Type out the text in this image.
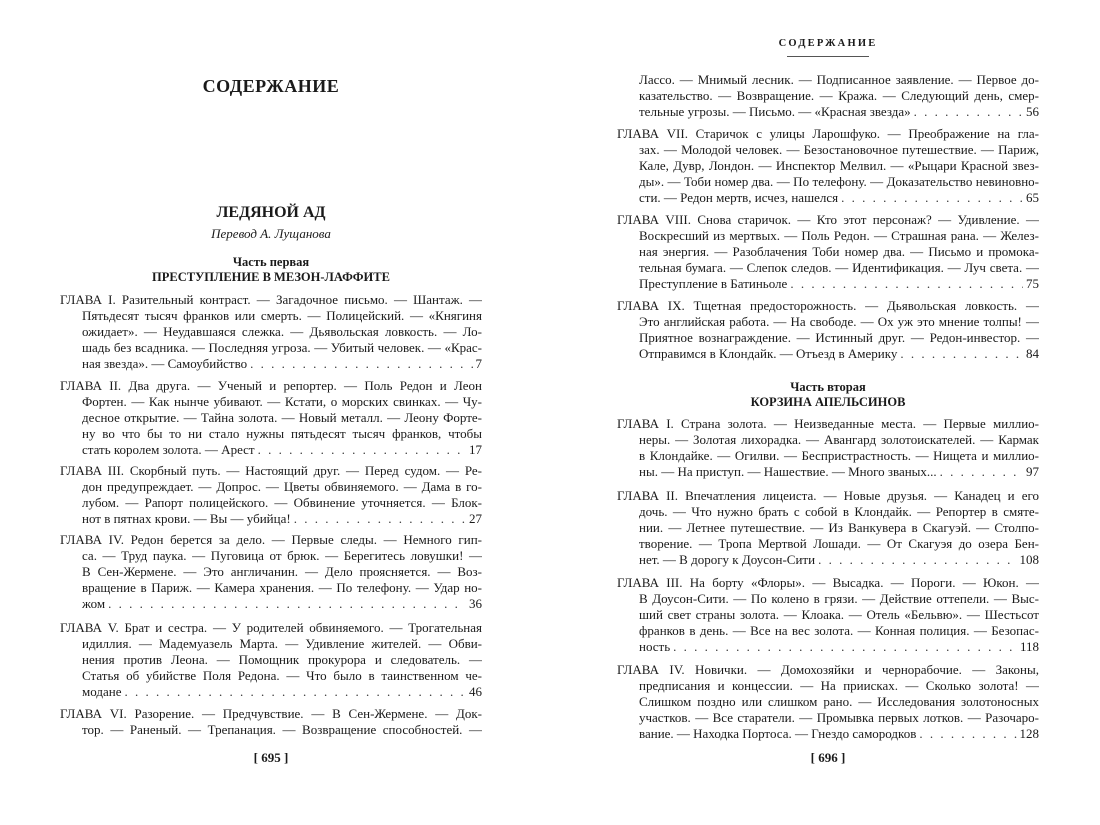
СОДЕРЖАНИЕ
ЛЕДЯНОЙ АД
Перевод А. Лущанова
Часть первая
ПРЕСТУПЛЕНИЕ В МЕЗОН-ЛАФФИТЕ
ГЛАВА I. Разительный контраст. — Загадочное письмо. — Шантаж. —
Пятьдесят тысяч франков или смерть. — Полицейский. — «Княгиня
ожидает». — Неудавшаяся слежка. — Дьявольская ловкость. — Ло-
шадь без всадника. — Последняя угроза. — Убитый человек. — «Крас-
ная звезда». — Самоубийство . . .	7
ГЛАВА II. Два друга. — Ученый и репортер. — Поль Редон и Леон
Фортен. — Как нынче убивают. — Кстати, о морских свинках. — Чу-
десное открытие. — Тайна золота. — Новый металл. — Леону Форте-
ну во что бы то ни стало нужны пятьдесят тысяч франков, чтобы
стать королем золота. — Арест . . .	17
ГЛАВА III. Скорбный путь. — Настоящий друг. — Перед судом. — Ре-
дон предупреждает. — Допрос. — Цветы обвиняемого. — Дама в го-
лубом. — Рапорт полицейского. — Обвинение уточняется. — Блок-
нот в пятнах крови. — Вы — убийца! . . .	27
ГЛАВА IV. Редон берется за дело. — Первые следы. — Немного гип-
са. — Труд паука. — Пуговица от брюк. — Берегитесь ловушки! —
В Сен-Жермене. — Это англичанин. — Дело проясняется. — Воз-
вращение в Париж. — Камера хранения. — По телефону. — Удар но-
жом . . .	36
ГЛАВА V. Брат и сестра. — У родителей обвиняемого. — Трогательная
идиллия. — Мадемуазель Марта. — Удивление жителей. — Обви-
нения против Леона. — Помощник прокурора и следователь. —
Статья об убийстве Поля Редона. — Что было в таинственном че-
модане . . .	46
ГЛАВА VI. Разорение. — Предчувствие. — В Сен-Жермене. — Док-
тор. — Раненый. — Трепанация. — Возвращение способностей. —
[ 695 ]
СОДЕРЖАНИЕ
Лассо. — Мнимый лесник. — Подписанное заявление. — Первое до-
казательство. — Возвращение. — Кража. — Следующий день, смер-
тельные угрозы. — Письмо. — «Красная звезда» . . .	56
ГЛАВА VII. Старичок с улицы Ларошфуко. — Преображение на гла-
зах. — Молодой человек. — Безостановочное путешествие. — Париж,
Кале, Дувр, Лондон. — Инспектор Мелвил. — «Рыцари Красной звез-
ды». — Тоби номер два. — По телефону. — Доказательство невиновно-
сти. — Редон мертв, исчез, нашелся . . .	65
ГЛАВА VIII. Снова старичок. — Кто этот персонаж? — Удивление. —
Воскресший из мертвых. — Поль Редон. — Страшная рана. — Желез-
ная энергия. — Разоблачения Тоби номер два. — Письмо и промока-
тельная бумага. — Слепок следов. — Идентификация. — Луч света. —
Преступление в Батиньоле . . .	75
ГЛАВА IX. Тщетная предосторожность. — Дьявольская ловкость. —
Это английская работа. — На свободе. — Ох уж это мнение толпы! —
Приятное вознаграждение. — Истинный друг. — Редон-инвестор. —
Отправимся в Клондайк. — Отъезд в Америку . . .	84
Часть вторая
КОРЗИНА АПЕЛЬСИНОВ
ГЛАВА I. Страна золота. — Неизведанные места. — Первые миллио-
неры. — Золотая лихорадка. — Авангард золотоискателей. — Кармак
в Клондайке. — Огилви. — Беспристрастность. — Нищета и миллио-
ны. — На приступ. — Нашествие. — Много званых... . . .	97
ГЛАВА II. Впечатления лицеиста. — Новые друзья. — Канадец и его
дочь. — Что нужно брать с собой в Клондайк. — Репортер в смяте-
нии. — Летнее путешествие. — Из Ванкувера в Скагуэй. — Столпо-
творение. — Тропа Мертвой Лошади. — От Скагуэя до озера Бен-
нет. — В дорогу к Доусон-Сити . . .	108
ГЛАВА III. На борту «Флоры». — Высадка. — Пороги. — Юкон. —
В Доусон-Сити. — По колено в грязи. — Действие оттепели. — Выс-
ший свет страны золота. — Клоака. — Отель «Бельвю». — Шестьсот
франков в день. — Все на вес золота. — Конная полиция. — Безопас-
ность . . .	118
ГЛАВА IV. Новички. — Домохозяйки и чернорабочие. — Законы,
предписания и концессии. — На приисках. — Сколько золота! —
Слишком поздно или слишком рано. — Исследования золотоносных
участков. — Все старатели. — Промывка первых лотков. — Разочаро-
вание. — Находка Портоса. — Гнездо самородков . . .	128
[ 696 ]
